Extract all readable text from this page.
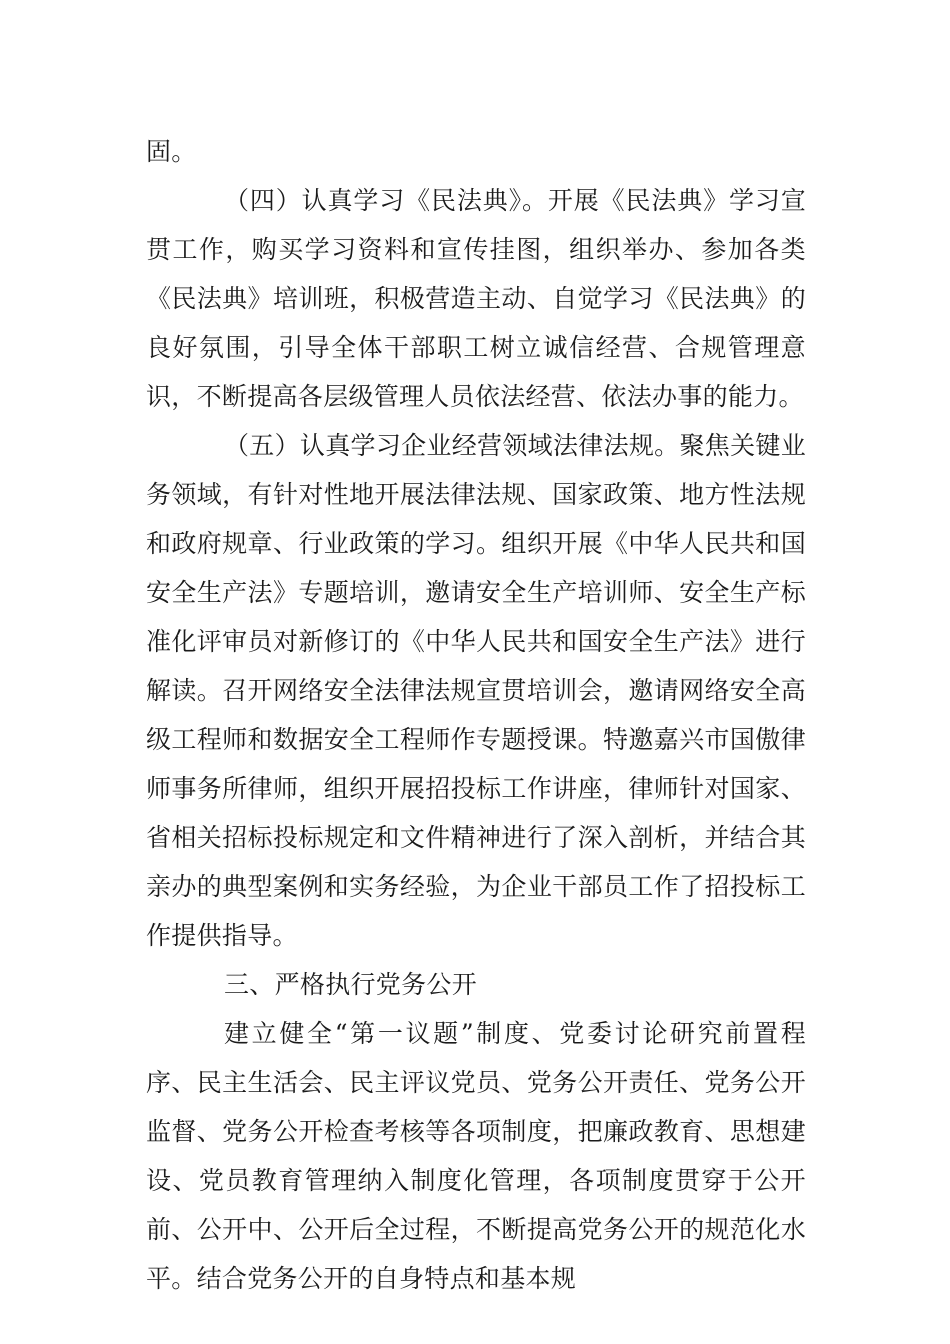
固。

（四）认真学习《民法典》。开展《民法典》学习宣贯工作，购买学习资料和宣传挂图，组织举办、参加各类《民法典》培训班，积极营造主动、自觉学习《民法典》的良好氛围，引导全体干部职工树立诚信经营、合规管理意识，不断提高各层级管理人员依法经营、依法办事的能力。

（五）认真学习企业经营领域法律法规。聚焦关键业务领域，有针对性地开展法律法规、国家政策、地方性法规和政府规章、行业政策的学习。组织开展《中华人民共和国安全生产法》专题培训，邀请安全生产培训师、安全生产标准化评审员对新修订的《中华人民共和国安全生产法》进行解读。召开网络安全法律法规宣贯培训会，邀请网络安全高级工程师和数据安全工程师作专题授课。特邀嘉兴市国傲律师事务所律师，组织开展招投标工作讲座，律师针对国家、省相关招标投标规定和文件精神进行了深入剖析，并结合其亲办的典型案例和实务经验，为企业干部员工作了招投标工作提供指导。

三、严格执行党务公开

建立健全“第一议题”制度、党委讨论研究前置程序、民主生活会、民主评议党员、党务公开责任、党务公开监督、党务公开检查考核等各项制度，把廉政教育、思想建设、党员教育管理纳入制度化管理，各项制度贯穿于公开前、公开中、公开后全过程，不断提高党务公开的规范化水平。结合党务公开的自身特点和基本规
